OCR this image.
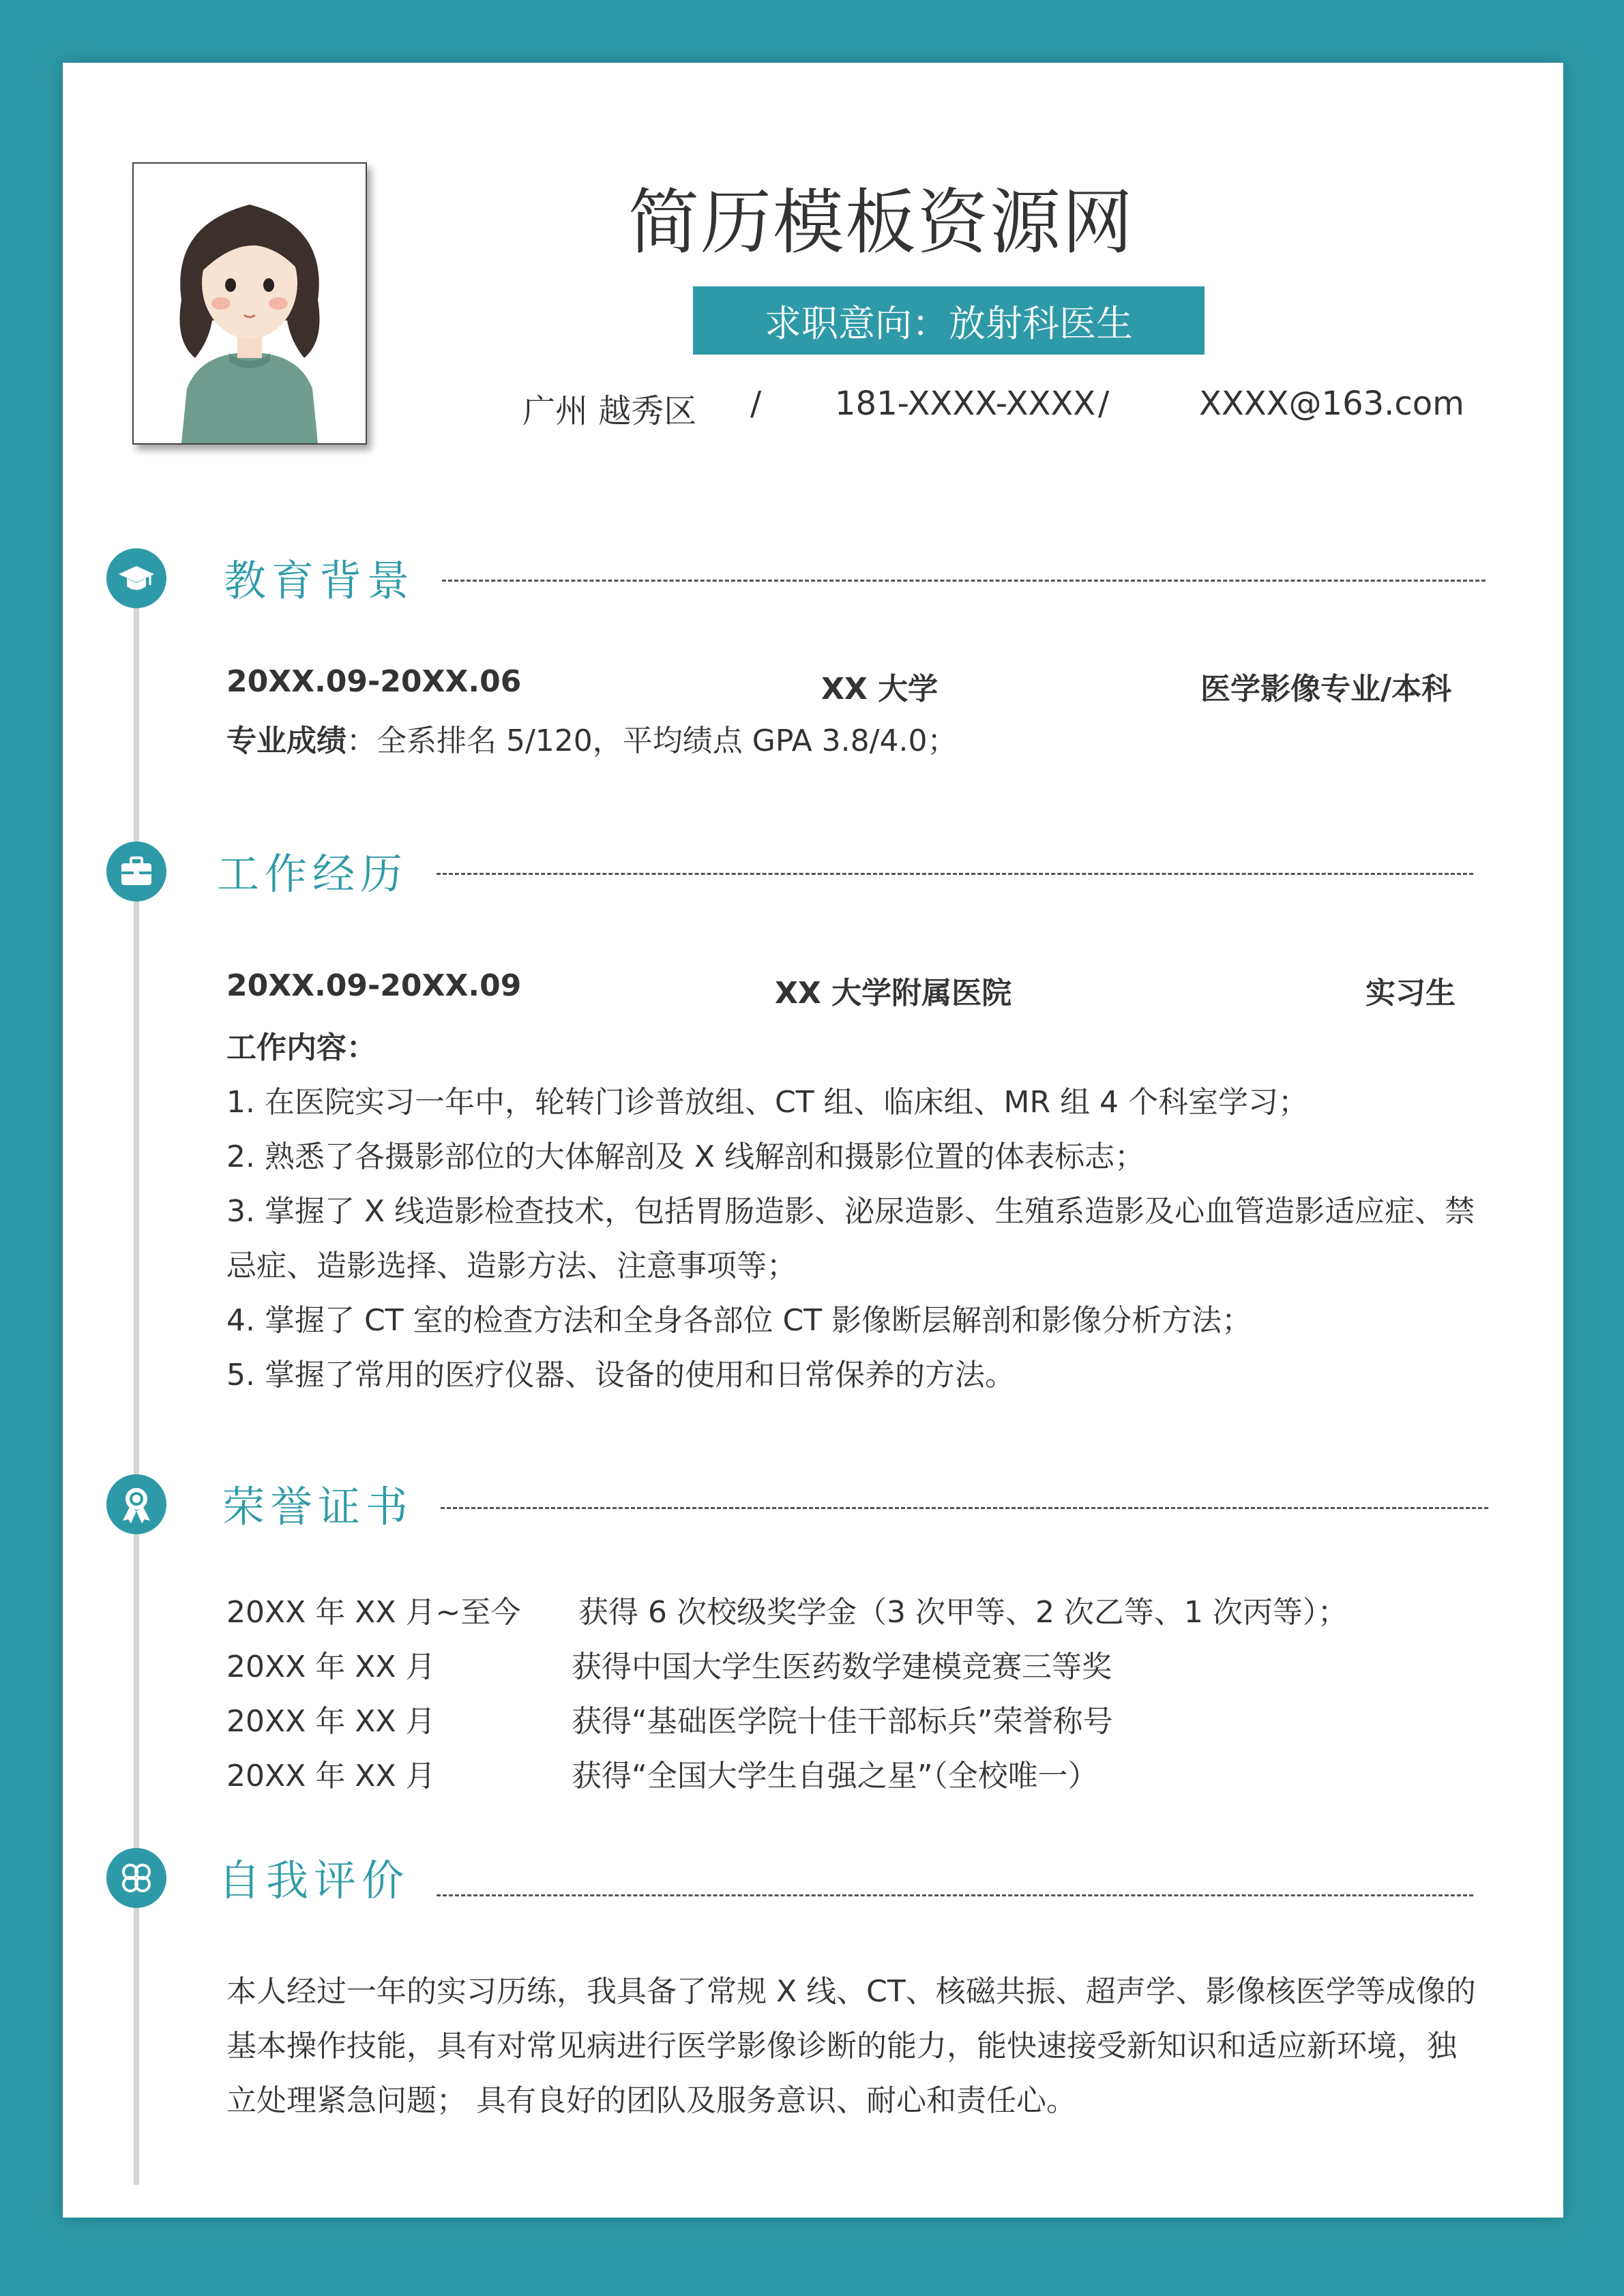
简历模板资源网
求职意向：放射科医生
广州 越秀区 / 181-XXXX-XXXX /	XXXX@163.com
教育背景
20XX.09-20XX.06	XX 大学	医学影像专业/本科
专业成绩：全系排名 5/120，平均绩点 GPA 3.8/4.0；
工作经历
20XX.09-20XX.09	XX 大学附属医院	实习生
工作内容：
1. 在医院实习一年中，轮转门诊普放组、CT 组、临床组、MR 组 4 个科室学习；
2. 熟悉了各摄影部位的大体解剖及 X 线解剖和摄影位置的体表标志；
3. 掌握了 X 线造影检查技术，包括胃肠造影、泌尿造影、生殖系造影及心血管造影适应症、禁
忌症、造影选择、造影方法、注意事项等；
4. 掌握了 CT 室的检查方法和全身各部位 CT 影像断层解剖和影像分析方法；
5. 掌握了常用的医疗仪器、设备的使用和日常保养的方法。
荣誉证书
20XX 年 XX 月~至今 获得 6 次校级奖学金（3 次甲等、2 次乙等、1 次丙等）；
20XX 年 XX 月	获得中国大学生医药数学建模竞赛三等奖
20XX 年 XX 月	获得“基础医学院十佳干部标兵”荣誉称号
20XX 年 XX 月	获得“全国大学生自强之星”（全校唯一）
自我评价
本人经过一年的实习历练，我具备了常规 X 线、CT、核磁共振、超声学、影像核医学等成像的
基本操作技能，具有对常见病进行医学影像诊断的能力，能快速接受新知识和适应新环境，独
立处理紧急问题； 具有良好的团队及服务意识、耐心和责任心。
